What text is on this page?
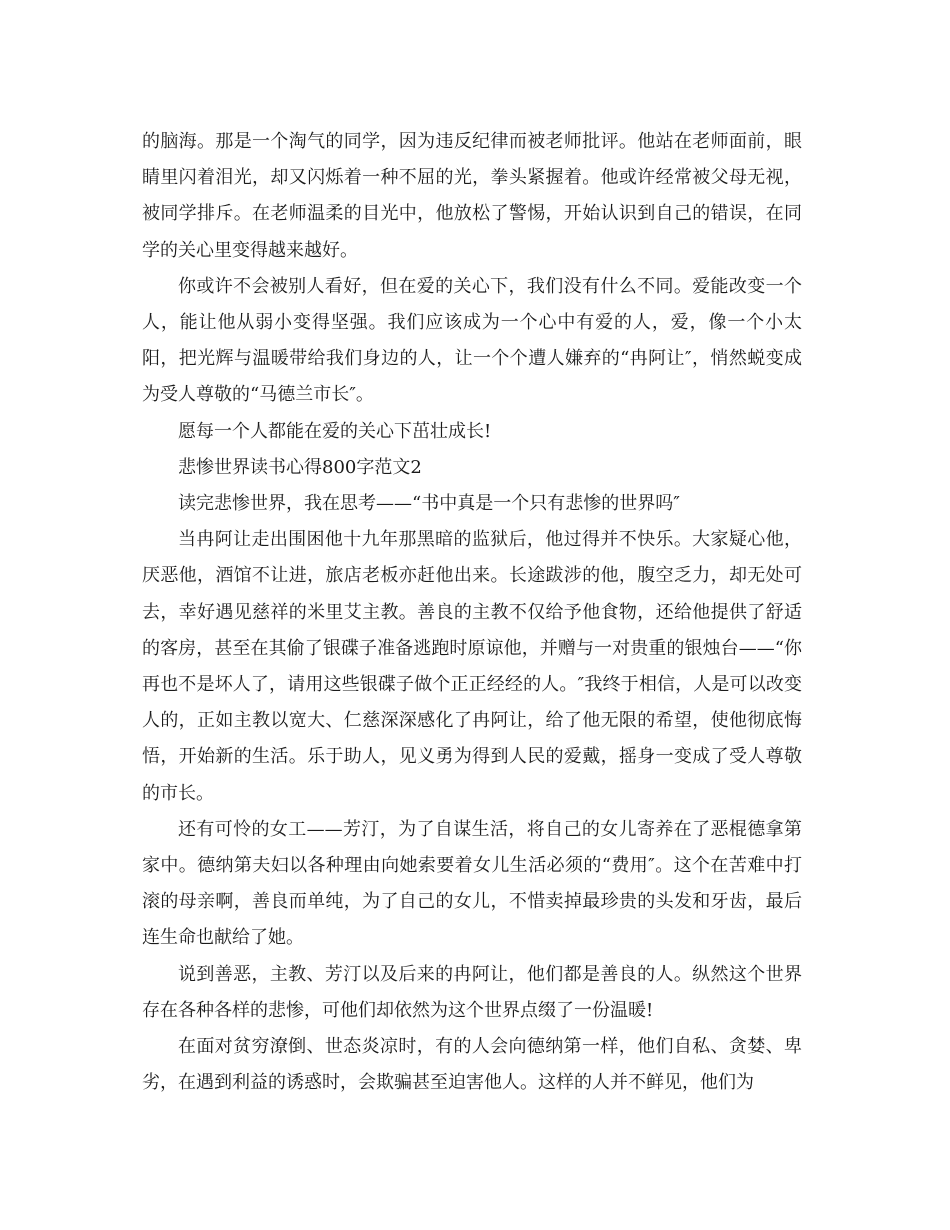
的脑海。那是一个淘气的同学，因为违反纪律而被老师批评。他站在老师面前，眼睛里闪着泪光，却又闪烁着一种不屈的光，拳头紧握着。他或许经常被父母无视，被同学排斥。在老师温柔的目光中，他放松了警惕，开始认识到自己的错误，在同学的关心里变得越来越好。

你或许不会被别人看好，但在爱的关心下，我们没有什么不同。爱能改变一个人，能让他从弱小变得坚强。我们应该成为一个心中有爱的人，爱，像一个小太阳，把光辉与温暖带给我们身边的人，让一个个遭人嫌弃的“冉阿让″，悄然蜕变成为受人尊敬的“马德兰市长″。

愿每一个人都能在爱的关心下茁壮成长!

悲惨世界读书心得800字范文2

读完悲惨世界，我在思考——“书中真是一个只有悲惨的世界吗″

当冉阿让走出围困他十九年那黑暗的监狱后，他过得并不快乐。大家疑心他，厌恶他，酒馆不让进，旅店老板亦赶他出来。长途跋涉的他，腹空乏力，却无处可去，幸好遇见慈祥的米里艾主教。善良的主教不仅给予他食物，还给他提供了舒适的客房，甚至在其偷了银碟子准备逃跑时原谅他，并赠与一对贵重的银烛台——“你再也不是坏人了，请用这些银碟子做个正正经经的人。″我终于相信，人是可以改变人的，正如主教以宽大、仁慈深深感化了冉阿让，给了他无限的希望，使他彻底悔悟，开始新的生活。乐于助人，见义勇为得到人民的爱戴，摇身一变成了受人尊敬的市长。

还有可怜的女工——芳汀，为了自谋生活，将自己的女儿寄养在了恶棍德拿第家中。德纳第夫妇以各种理由向她索要着女儿生活必须的“费用″。这个在苦难中打滚的母亲啊，善良而单纯，为了自己的女儿，不惜卖掉最珍贵的头发和牙齿，最后连生命也献给了她。

说到善恶，主教、芳汀以及后来的冉阿让，他们都是善良的人。纵然这个世界存在各种各样的悲惨，可他们却依然为这个世界点缀了一份温暖!

在面对贫穷潦倒、世态炎凉时，有的人会向德纳第一样，他们自私、贪婪、卑劣，在遇到利益的诱惑时，会欺骗甚至迫害他人。这样的人并不鲜见，他们为
